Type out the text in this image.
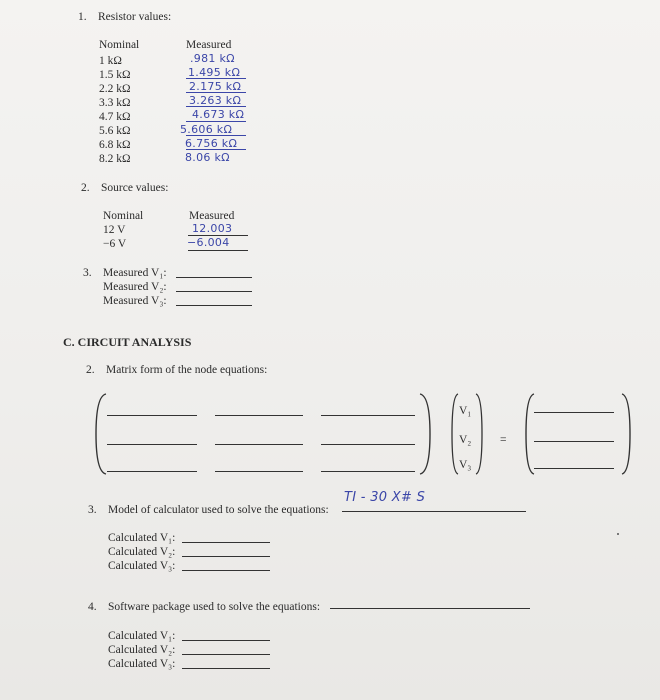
1. Resistor values:
Nominal	Measured
1 kΩ
1.5 kΩ
2.2 kΩ
3.3 kΩ
4.7 kΩ
5.6 kΩ
6.8 kΩ
8.2 kΩ
.981 kΩ
1.495 kΩ
2.175 kΩ
3.263 kΩ
4.673 kΩ
5.606 kΩ
6.756 kΩ
8.06 kΩ
2. Source values:
Nominal	Measured
12 V
−6 V
12.003
−6.004
3. Measured V₁:
Measured V₂:
Measured V₃:
C. CIRCUIT ANALYSIS
2. Matrix form of the node equations:
V₁
V₂
V₃
=
3. Model of calculator used to solve the equations:
TI - 30 X# S
Calculated V₁:
Calculated V₂:
Calculated V₃:
4. Software package used to solve the equations:
Calculated V₁:
Calculated V₂:
Calculated V₃:
